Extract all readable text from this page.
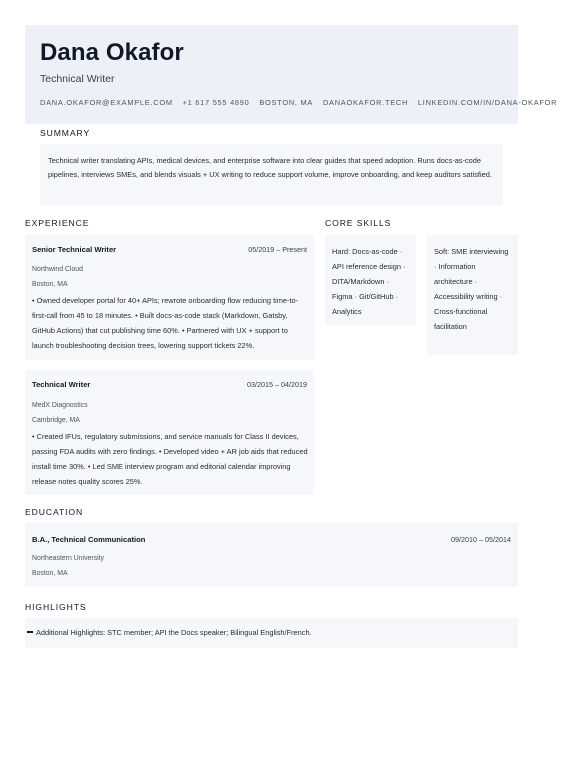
Dana Okafor
Technical Writer
DANA.OKAFOR@EXAMPLE.COM +1 617 555 4890 BOSTON, MA DANAOKAFOR.TECH LINKEDIN.COM/IN/DANA-OKAFOR
SUMMARY
Technical writer translating APIs, medical devices, and enterprise software into clear guides that speed adoption. Runs docs-as-code pipelines, interviews SMEs, and blends visuals + UX writing to reduce support volume, improve onboarding, and keep auditors satisfied.
EXPERIENCE
Senior Technical Writer	05/2019 – Present
Northwind Cloud
Boston, MA
• Owned developer portal for 40+ APIs; rewrote onboarding flow reducing time-to-first-call from 45 to 18 minutes. • Built docs-as-code stack (Markdown, Gatsby, GitHub Actions) that cut publishing time 60%. • Partnered with UX + support to launch troubleshooting decision trees, lowering support tickets 22%.
Technical Writer	03/2015 – 04/2019
MedX Diagnostics
Cambridge, MA
• Created IFUs, regulatory submissions, and service manuals for Class II devices, passing FDA audits with zero findings. • Developed video + AR job aids that reduced install time 30%. • Led SME interview program and editorial calendar improving release notes quality scores 25%.
CORE SKILLS
Hard: Docs-as-code · API reference design · DITA/Markdown · Figma · Git/GitHub · Analytics
Soft: SME interviewing · Information architecture · Accessibility writing · Cross-functional facilitation
EDUCATION
B.A., Technical Communication	09/2010 – 05/2014
Northeastern University
Boston, MA
HIGHLIGHTS
Additional Highlights: STC member; API the Docs speaker; Bilingual English/French.
